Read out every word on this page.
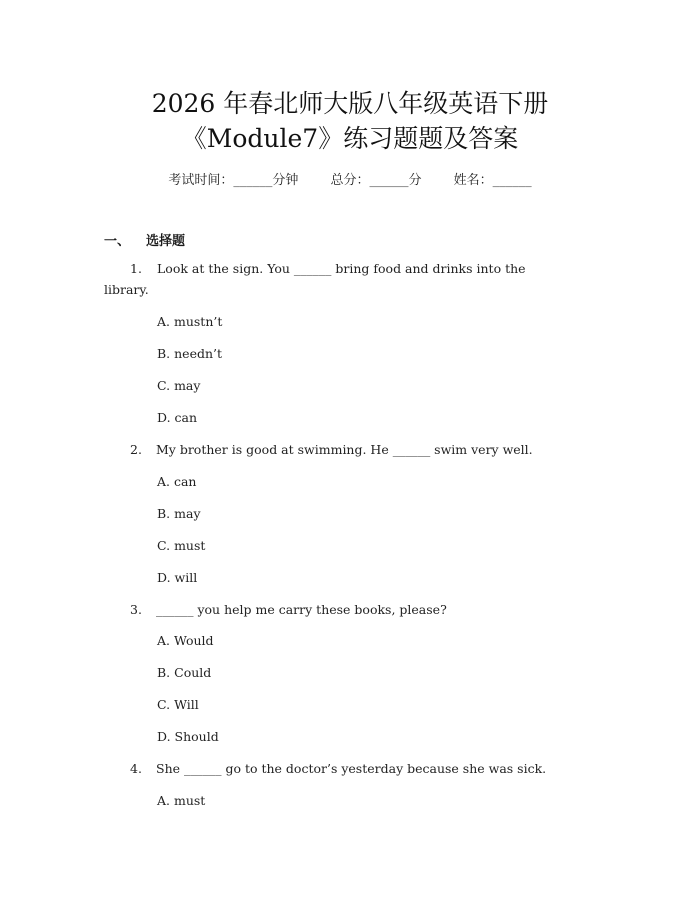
2026 年春北师大版八年级英语下册
《Module7》练习题题及答案
考试时间：______分钟 总分：______分 姓名：______
一、 选择题
1. Look at the sign. You ______ bring food and drinks into the library.
A. mustn’t
B. needn’t
C. may
D. can
2. My brother is good at swimming. He ______ swim very well.
A. can
B. may
C. must
D. will
3. ______ you help me carry these books, please?
A. Would
B. Could
C. Will
D. Should
4. She ______ go to the doctor’s yesterday because she was sick.
A. must
